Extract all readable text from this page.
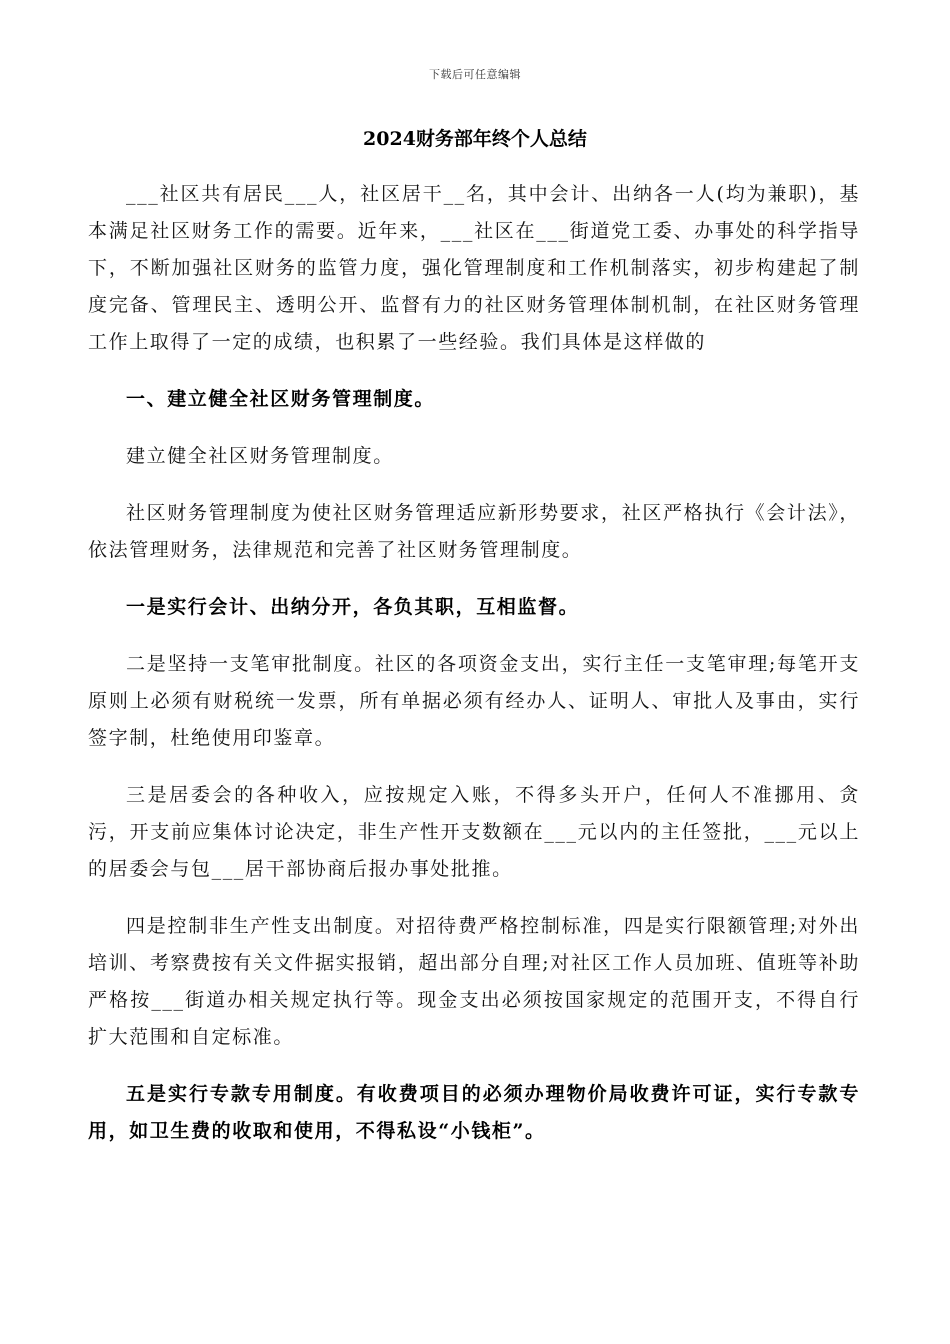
下载后可任意编辑
2024财务部年终个人总结

___社区共有居民___人，社区居干__名，其中会计、出纳各一人(均为兼职)，基本满足社区财务工作的需要。近年来，___社区在___街道党工委、办事处的科学指导下，不断加强社区财务的监管力度，强化管理制度和工作机制落实，初步构建起了制度完备、管理民主、透明公开、监督有力的社区财务管理体制机制，在社区财务管理工作上取得了一定的成绩，也积累了一些经验。我们具体是这样做的

一、建立健全社区财务管理制度。

建立健全社区财务管理制度。

社区财务管理制度为使社区财务管理适应新形势要求，社区严格执行《会计法》，依法管理财务，法律规范和完善了社区财务管理制度。

一是实行会计、出纳分开，各负其职，互相监督。

二是坚持一支笔审批制度。社区的各项资金支出，实行主任一支笔审理;每笔开支原则上必须有财税统一发票，所有单据必须有经办人、证明人、审批人及事由，实行签字制，杜绝使用印鉴章。

三是居委会的各种收入，应按规定入账，不得多头开户，任何人不准挪用、贪污，开支前应集体讨论决定，非生产性开支数额在___元以内的主任签批，___元以上的居委会与包___居干部协商后报办事处批推。

四是控制非生产性支出制度。对招待费严格控制标准，四是实行限额管理;对外出培训、考察费按有关文件据实报销，超出部分自理;对社区工作人员加班、值班等补助严格按___街道办相关规定执行等。现金支出必须按国家规定的范围开支，不得自行扩大范围和自定标准。

五是实行专款专用制度。有收费项目的必须办理物价局收费许可证，实行专款专用，如卫生费的收取和使用，不得私设“小钱柜”。
